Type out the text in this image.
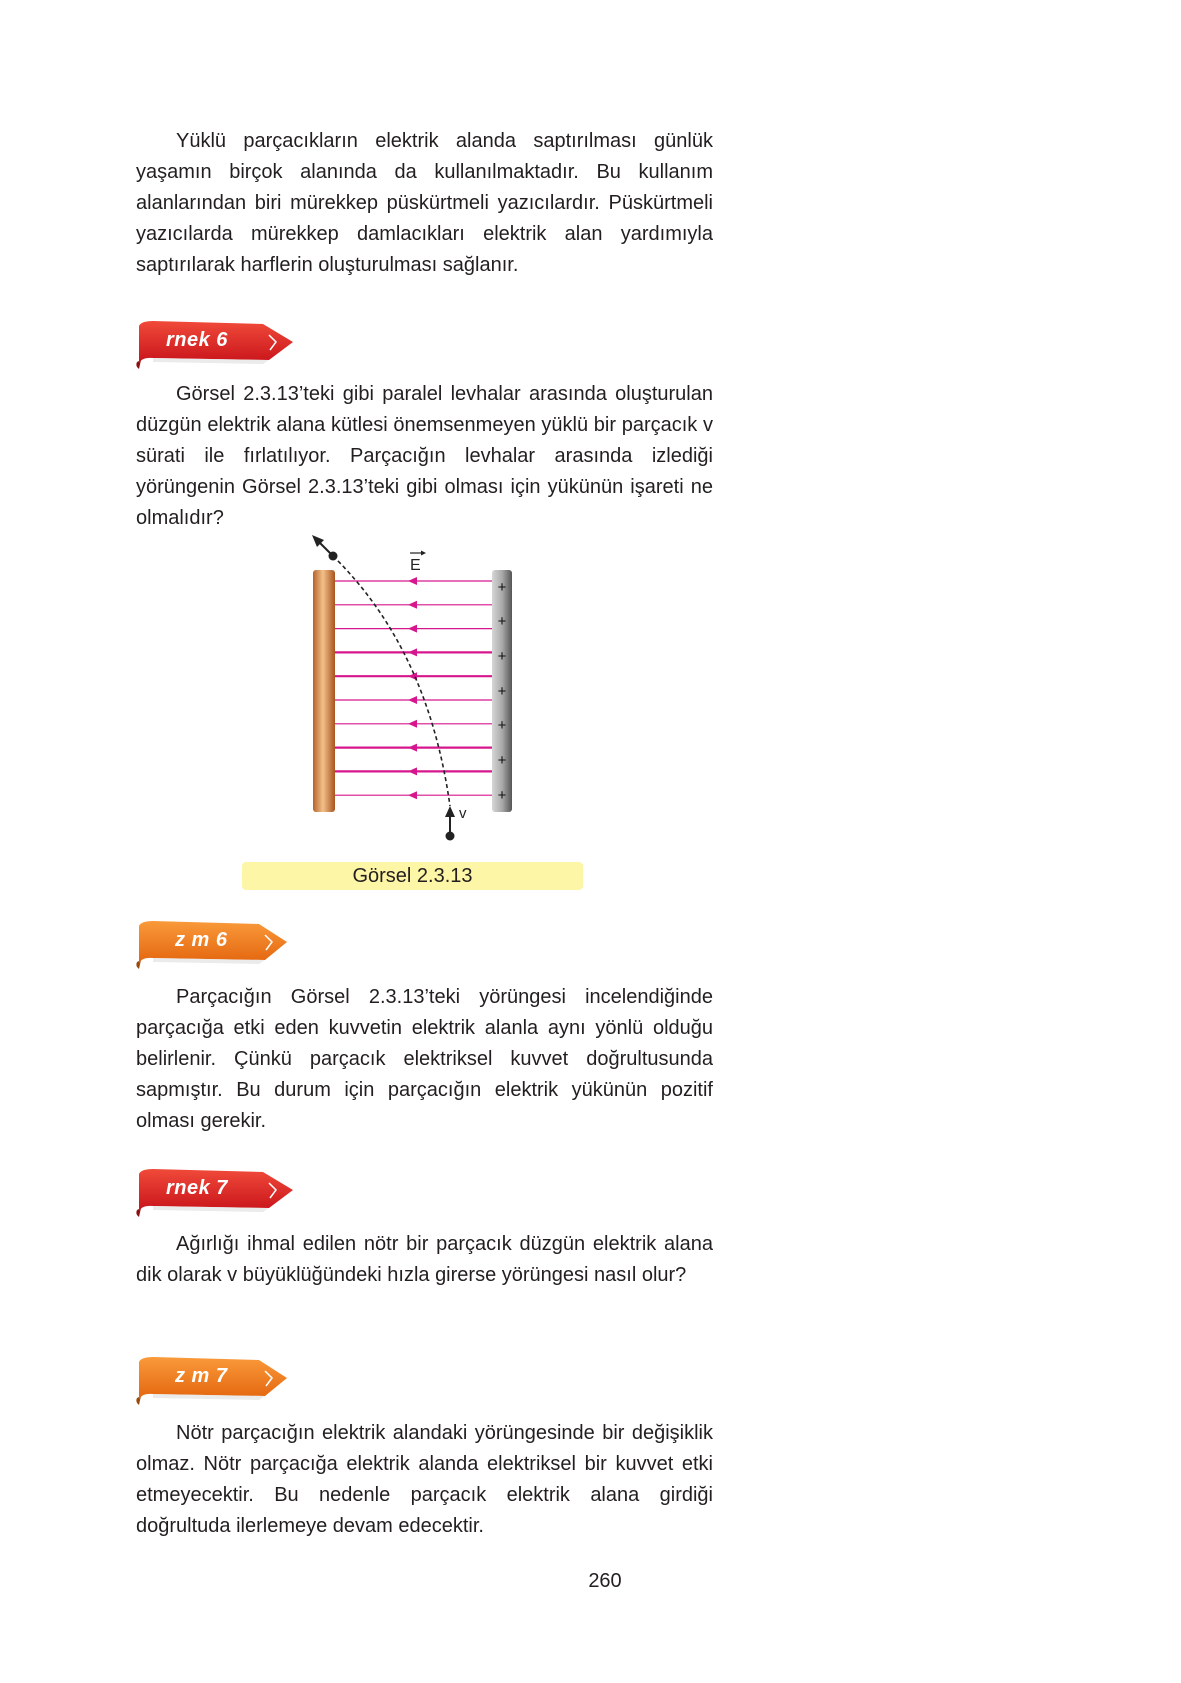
Yüklü parçacıkların elektrik alanda saptırılması günlük yaşamın birçok alanında da kullanılmaktadır. Bu kullanım alanlarından biri mürekkep püskürtmeli yazıcılardır. Püskürtmeli yazıcılarda mürekkep damlacıkları elektrik alan yardımıyla saptırılarak harflerin oluşturulması sağlanır.

rnek 6

Görsel 2.3.13’teki gibi paralel levhalar arasında oluşturulan düzgün elektrik alana kütlesi önemsenmeyen yüklü bir parçacık v sürati ile fırlatılıyor. Parçacığın levhalar arasında izlediği yörüngenin Görsel 2.3.13’teki gibi olması için yükünün işareti ne olmalıdır?

+
+
+
+
+
+
+
v
E
Görsel 2.3.13
z m 6

Parçacığın Görsel 2.3.13’teki yörüngesi incelendiğinde parçacığa etki eden kuvvetin elektrik alanla aynı yönlü olduğu belirlenir. Çünkü parçacık elektriksel kuvvet doğrultusunda sapmıştır. Bu durum için parçacığın elektrik yükünün pozitif olması gerekir.

rnek 7

Ağırlığı ihmal edilen nötr bir parçacık düzgün elektrik alana dik olarak v büyüklüğündeki hızla girerse yörüngesi nasıl olur?

z m 7

Nötr parçacığın elektrik alandaki yörüngesinde bir değişiklik olmaz. Nötr parçacığa elektrik alanda elektriksel bir kuvvet etki etmeyecektir. Bu nedenle parçacık elektrik alana girdiği doğrultuda ilerlemeye devam edecektir.

260
